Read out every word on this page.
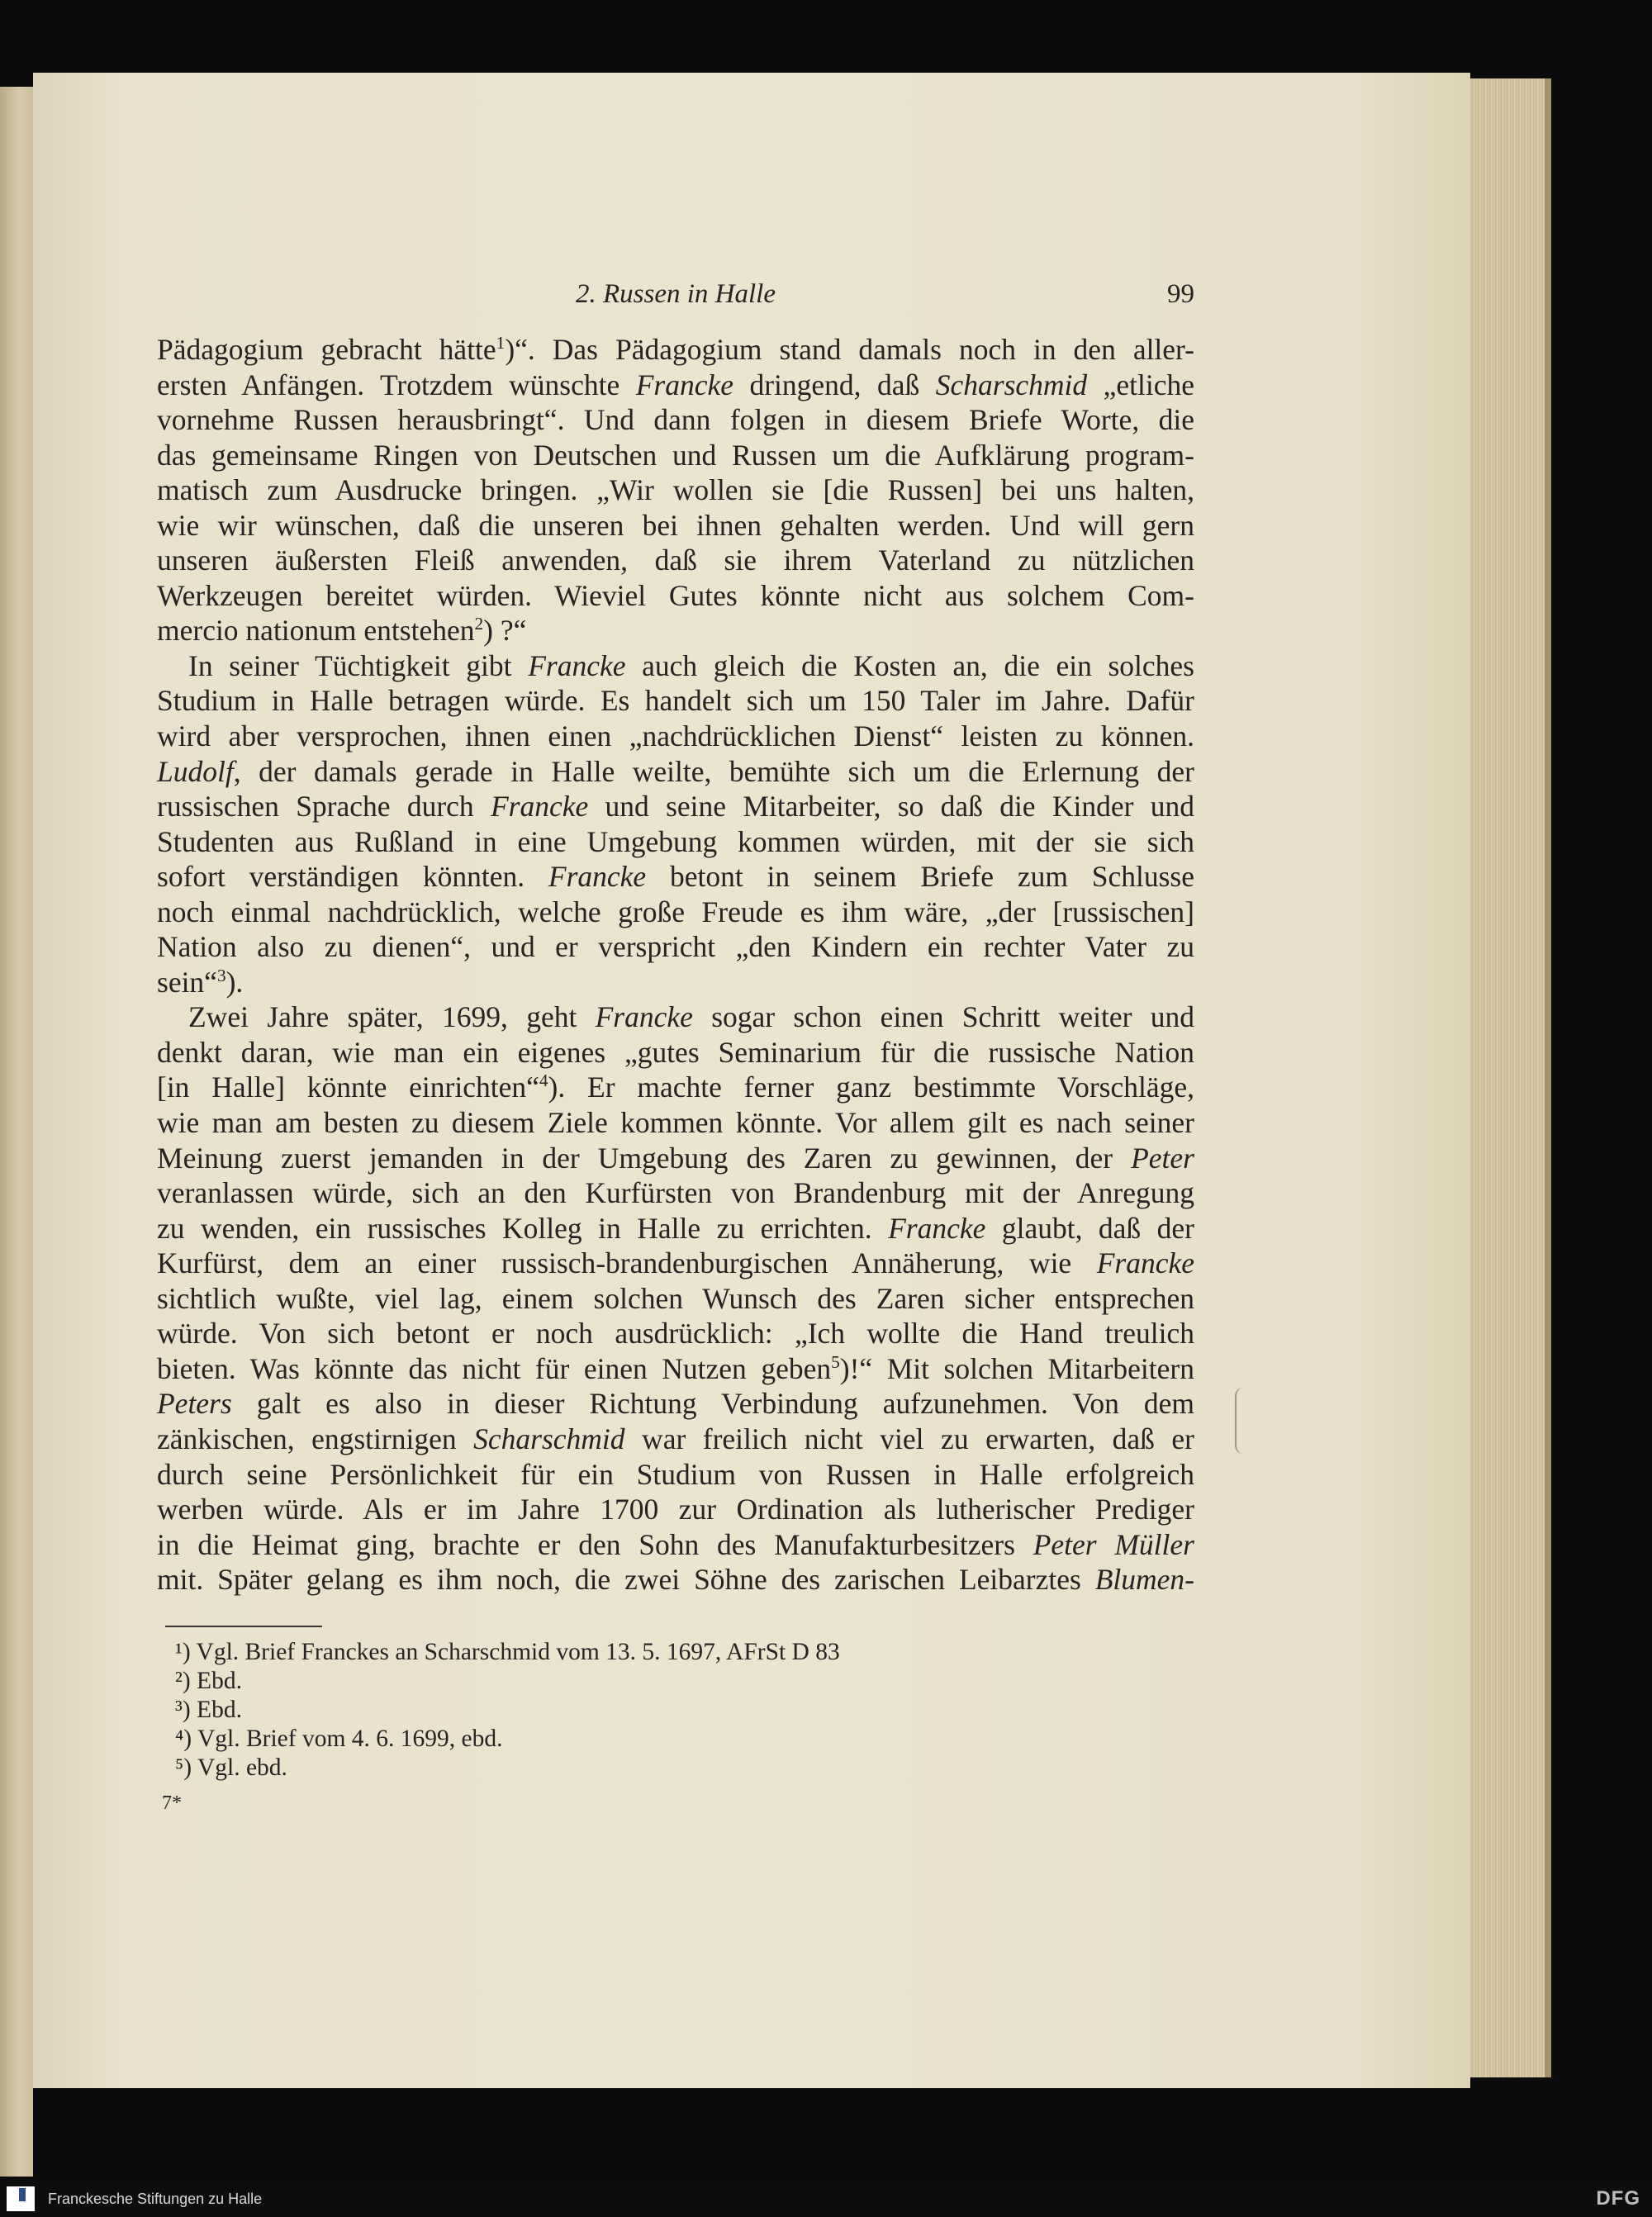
2. Russen in Halle	99
Pädagogium gebracht hätte$^1$)“. Das Pädagogium stand damals noch in den aller-
ersten Anfängen. Trotzdem wünschte Francke dringend, daß Scharschmid „etliche
vornehme Russen herausbringt“. Und dann folgen in diesem Briefe Worte, die
das gemeinsame Ringen von Deutschen und Russen um die Aufklärung program-
matisch zum Ausdrucke bringen. „Wir wollen sie [die Russen] bei uns halten,
wie wir wünschen, daß die unseren bei ihnen gehalten werden. Und will gern
unseren äußersten Fleiß anwenden, daß sie ihrem Vaterland zu nützlichen
Werkzeugen bereitet würden. Wieviel Gutes könnte nicht aus solchem Com-
mercio nationum entstehen$^2$) ?“
In seiner Tüchtigkeit gibt Francke auch gleich die Kosten an, die ein solches
Studium in Halle betragen würde. Es handelt sich um 150 Taler im Jahre. Dafür
wird aber versprochen, ihnen einen „nachdrücklichen Dienst“ leisten zu können.
Ludolf, der damals gerade in Halle weilte, bemühte sich um die Erlernung der
russischen Sprache durch Francke und seine Mitarbeiter, so daß die Kinder und
Studenten aus Rußland in eine Umgebung kommen würden, mit der sie sich
sofort verständigen könnten. Francke betont in seinem Briefe zum Schlusse
noch einmal nachdrücklich, welche große Freude es ihm wäre, „der [russischen]
Nation also zu dienen“, und er verspricht „den Kindern ein rechter Vater zu
sein“$^3$).
Zwei Jahre später, 1699, geht Francke sogar schon einen Schritt weiter und
denkt daran, wie man ein eigenes „gutes Seminarium für die russische Nation
[in Halle] könnte einrichten“$^4$). Er machte ferner ganz bestimmte Vorschläge,
wie man am besten zu diesem Ziele kommen könnte. Vor allem gilt es nach seiner
Meinung zuerst jemanden in der Umgebung des Zaren zu gewinnen, der Peter
veranlassen würde, sich an den Kurfürsten von Brandenburg mit der Anregung
zu wenden, ein russisches Kolleg in Halle zu errichten. Francke glaubt, daß der
Kurfürst, dem an einer russisch-brandenburgischen Annäherung, wie Francke
sichtlich wußte, viel lag, einem solchen Wunsch des Zaren sicher entsprechen
würde. Von sich betont er noch ausdrücklich: „Ich wollte die Hand treulich
bieten. Was könnte das nicht für einen Nutzen geben$^5$)!“ Mit solchen Mitarbeitern
Peters galt es also in dieser Richtung Verbindung aufzunehmen. Von dem
zänkischen, engstirnigen Scharschmid war freilich nicht viel zu erwarten, daß er
durch seine Persönlichkeit für ein Studium von Russen in Halle erfolgreich
werben würde. Als er im Jahre 1700 zur Ordination als lutherischer Prediger
in die Heimat ging, brachte er den Sohn des Manufakturbesitzers Peter Müller
mit. Später gelang es ihm noch, die zwei Söhne des zarischen Leibarztes Blumen-
¹) Vgl. Brief Franckes an Scharschmid vom 13. 5. 1697, AFrSt D 83
²) Ebd.
³) Ebd.
⁴) Vgl. Brief vom 4. 6. 1699, ebd.
⁵) Vgl. ebd.
7*
Franckesche Stiftungen zu Halle	DFG
